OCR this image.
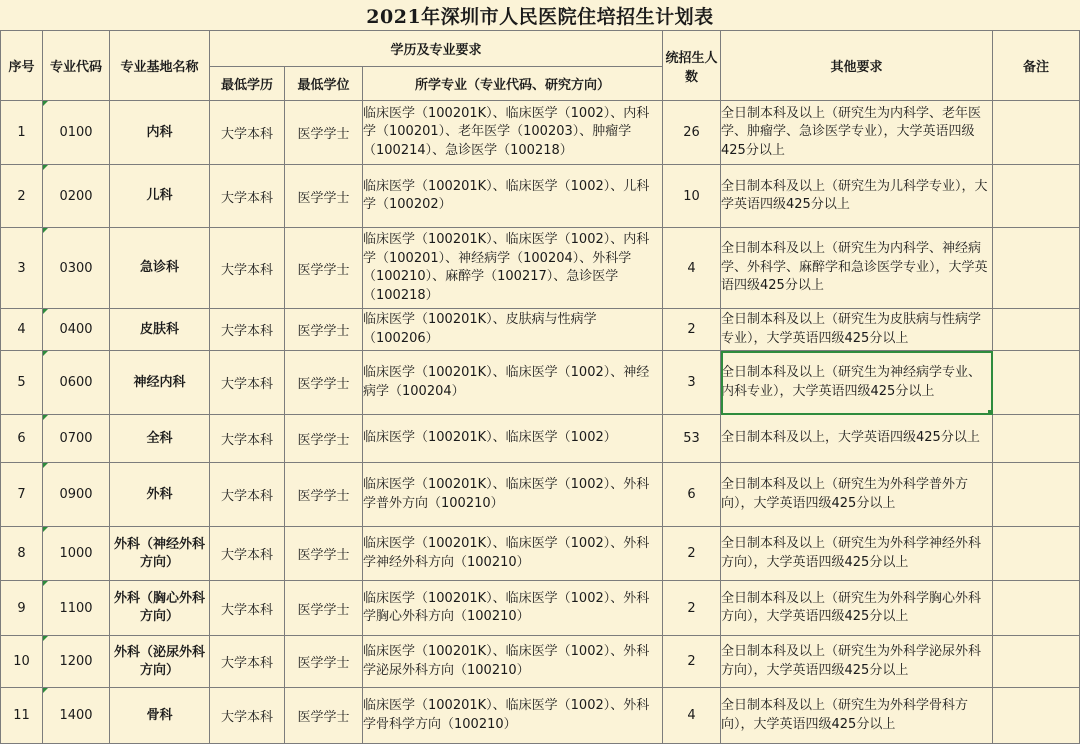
2021年深圳市人民医院住培招生计划表
序号	专业代码	专业基地名称	学历及专业要求			统招生人数	其他要求	备注
			最低学历	最低学位	所学专业（专业代码、研究方向）			
1	0100	内科	大学本科	医学学士	临床医学（100201K）、临床医学（1002）、内科学（100201）、老年医学（100203）、肿瘤学（100214）、急诊医学（100218）	26	全日制本科及以上（研究生为内科学、老年医学、肿瘤学、急诊医学专业），大学英语四级425分以上	
2	0200	儿科	大学本科	医学学士	临床医学（100201K）、临床医学（1002）、儿科学（100202）	10	全日制本科及以上（研究生为儿科学专业），大学英语四级425分以上	
3	0300	急诊科	大学本科	医学学士	临床医学（100201K）、临床医学（1002）、内科学（100201）、神经病学（100204）、外科学（100210）、麻醉学（100217）、急诊医学（100218）	4	全日制本科及以上（研究生为内科学、神经病学、外科学、麻醉学和急诊医学专业），大学英语四级425分以上	
4	0400	皮肤科	大学本科	医学学士	临床医学（100201K）、皮肤病与性病学（100206）	2	全日制本科及以上（研究生为皮肤病与性病学专业），大学英语四级425分以上	
5	0600	神经内科	大学本科	医学学士	临床医学（100201K）、临床医学（1002）、神经病学（100204）	3	全日制本科及以上（研究生为神经病学专业、内科专业），大学英语四级425分以上	
6	0700	全科	大学本科	医学学士	临床医学（100201K）、临床医学（1002）	53	全日制本科及以上，大学英语四级425分以上	
7	0900	外科	大学本科	医学学士	临床医学（100201K）、临床医学（1002）、外科学普外方向（100210）	6	全日制本科及以上（研究生为外科学普外方向），大学英语四级425分以上	
8	1000	外科（神经外科方向）	大学本科	医学学士	临床医学（100201K）、临床医学（1002）、外科学神经外科方向（100210）	2	全日制本科及以上（研究生为外科学神经外科方向），大学英语四级425分以上	
9	1100	外科（胸心外科方向）	大学本科	医学学士	临床医学（100201K）、临床医学（1002）、外科学胸心外科方向（100210）	2	全日制本科及以上（研究生为外科学胸心外科方向），大学英语四级425分以上	
10	1200	外科（泌尿外科方向）	大学本科	医学学士	临床医学（100201K）、临床医学（1002）、外科学泌尿外科方向（100210）	2	全日制本科及以上（研究生为外科学泌尿外科方向），大学英语四级425分以上	
11	1400	骨科	大学本科	医学学士	临床医学（100201K）、临床医学（1002）、外科学骨科学方向（100210）	4	全日制本科及以上（研究生为外科学骨科方向），大学英语四级425分以上	
